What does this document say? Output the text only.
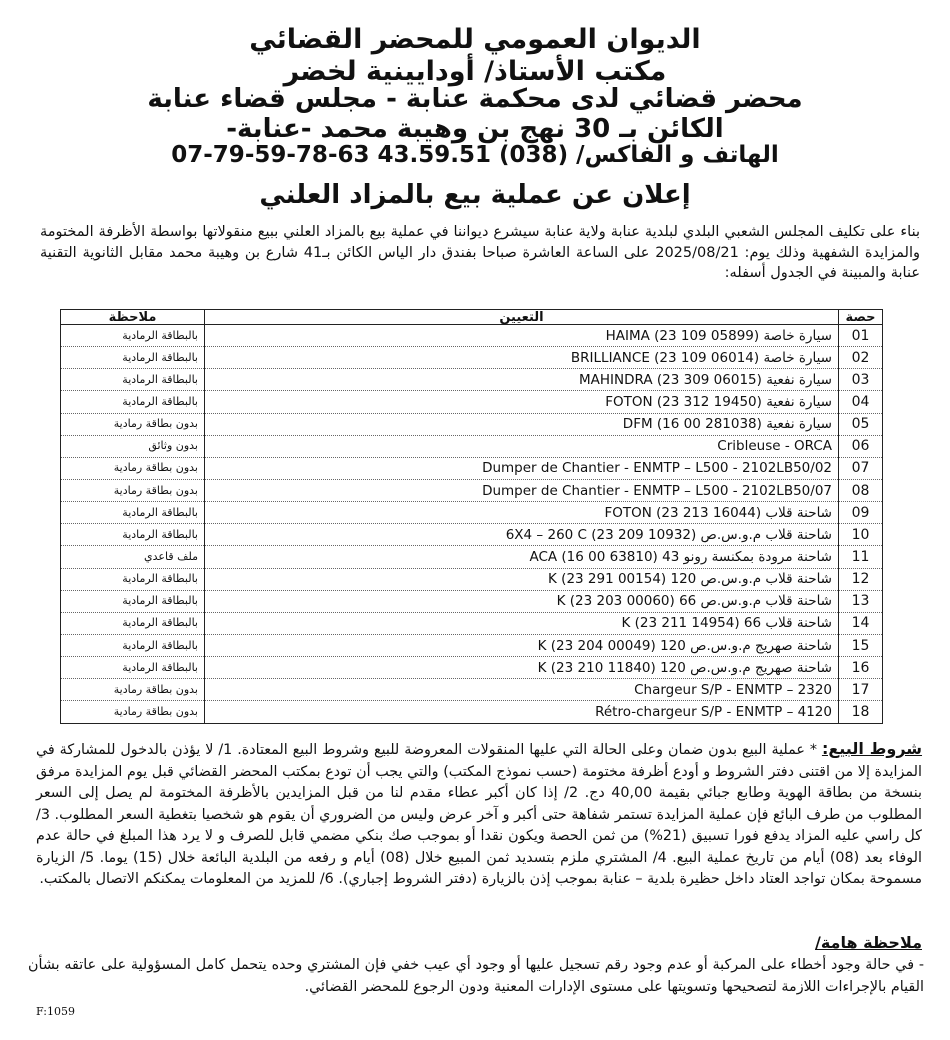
الديوان العمومي للمحضر القضائي
مكتب الأستاذ/ أودايينية لخضر
محضر قضائي لدى محكمة عنابة - مجلس قضاء عنابة
الكائن بـ 30 نهج بن وهيبة محمد -عنابة-
الهاتف و الفاكس/ (038) 43.59.51 63-78-59-79-07
إعلان عن عملية بيع بالمزاد العلني
بناء على تكليف المجلس الشعبي البلدي لبلدية عنابة ولاية عنابة سيشرع ديواننا في عملية بيع بالمزاد العلني ببيع منقولاتها بواسطة الأظرفة المختومة والمزايدة الشفهية وذلك يوم: 2025/08/21 على الساعة العاشرة صباحا بفندق دار الياس الكائن بـ41 شارع بن وهيبة محمد مقابل الثانوية التقنية عنابة والمبينة في الجدول أسفله:
حصة	التعيين	ملاحظة
01	سيارة خاصة HAIMA (23 109 05899)	بالبطاقة الرمادية
02	سيارة خاصة BRILLIANCE (23 109 06014)	بالبطاقة الرمادية
03	سيارة نفعية MAHINDRA (23 309 06015)	بالبطاقة الرمادية
04	سيارة نفعية FOTON (23 312 19450)	بالبطاقة الرمادية
05	سيارة نفعية DFM (16 00 281038)	بدون بطاقة رمادية
06	Cribleuse - ORCA	بدون وثائق
07	Dumper de Chantier - ENMTP – L500 - 2102LB50/02	بدون بطاقة رمادية
08	Dumper de Chantier - ENMTP – L500 - 2102LB50/07	بدون بطاقة رمادية
09	شاحنة قلاب FOTON (23 213 16044)	بالبطاقة الرمادية
10	شاحنة قلاب م.و.س.ص 6X4 – 260 C (23 209 10932)	بالبطاقة الرمادية
11	شاحنة مرودة بمكنسة رونو 43 ACA (16 00 63810)	ملف قاعدي
12	شاحنة قلاب م.و.س.ص 120 K (23 291 00154)	بالبطاقة الرمادية
13	شاحنة قلاب م.و.س.ص 66 K (23 203 00060)	بالبطاقة الرمادية
14	شاحنة قلاب 66 K (23 211 14954)	بالبطاقة الرمادية
15	شاحنة صهريج م.و.س.ص 120 K (23 204 00049)	بالبطاقة الرمادية
16	شاحنة صهريج م.و.س.ص 120 K (23 210 11840)	بالبطاقة الرمادية
17	Chargeur S/P - ENMTP – 2320	بدون بطاقة رمادية
18	Rétro-chargeur S/P - ENMTP – 4120	بدون بطاقة رمادية
شروط البيع: * عملية البيع بدون ضمان وعلى الحالة التي عليها المنقولات المعروضة للبيع وشروط البيع المعتادة. 1/ لا يؤذن بالدخول للمشاركة في المزايدة إلا من اقتنى دفتر الشروط و أودع أظرفة مختومة (حسب نموذج المكتب) والتي يجب أن تودع بمكتب المحضر القضائي قبل يوم المزايدة مرفق بنسخة من بطاقة الهوية وطابع جبائي بقيمة 40,00 دج. 2/ إذا كان أكبر عطاء مقدم لنا من قبل المزايدين بالأظرفة المختومة لم يصل إلى السعر المطلوب من طرف البائع فإن عملية المزايدة تستمر شفاهة حتى أكبر و آخر عرض وليس من الضروري أن يقوم هو شخصيا بتغطية السعر المطلوب. 3/ كل راسي عليه المزاد يدفع فورا تسبيق (21%) من ثمن الحصة ويكون نقدا أو بموجب صك بنكي مضمي قابل للصرف و لا يرد هذا المبلغ في حالة عدم الوفاء بعد (08) أيام من تاريخ عملية البيع. 4/ المشتري ملزم بتسديد ثمن المبيع خلال (08) أيام و رفعه من البلدية البائعة خلال (15) يوما. 5/ الزيارة مسموحة بمكان تواجد العتاد داخل حظيرة بلدية – عنابة بموجب إذن بالزيارة (دفتر الشروط إجباري). 6/ للمزيد من المعلومات يمكنكم الاتصال بالمكتب.
ملاحظة هامة/
- في حالة وجود أخطاء على المركبة أو عدم وجود رقم تسجيل عليها أو وجود أي عيب خفي فإن المشتري وحده يتحمل كامل المسؤولية على عاتقه بشأن القيام بالإجراءات اللازمة لتصحيحها وتسويتها على مستوى الإدارات المعنية ودون الرجوع للمحضر القضائي.
F:1059
